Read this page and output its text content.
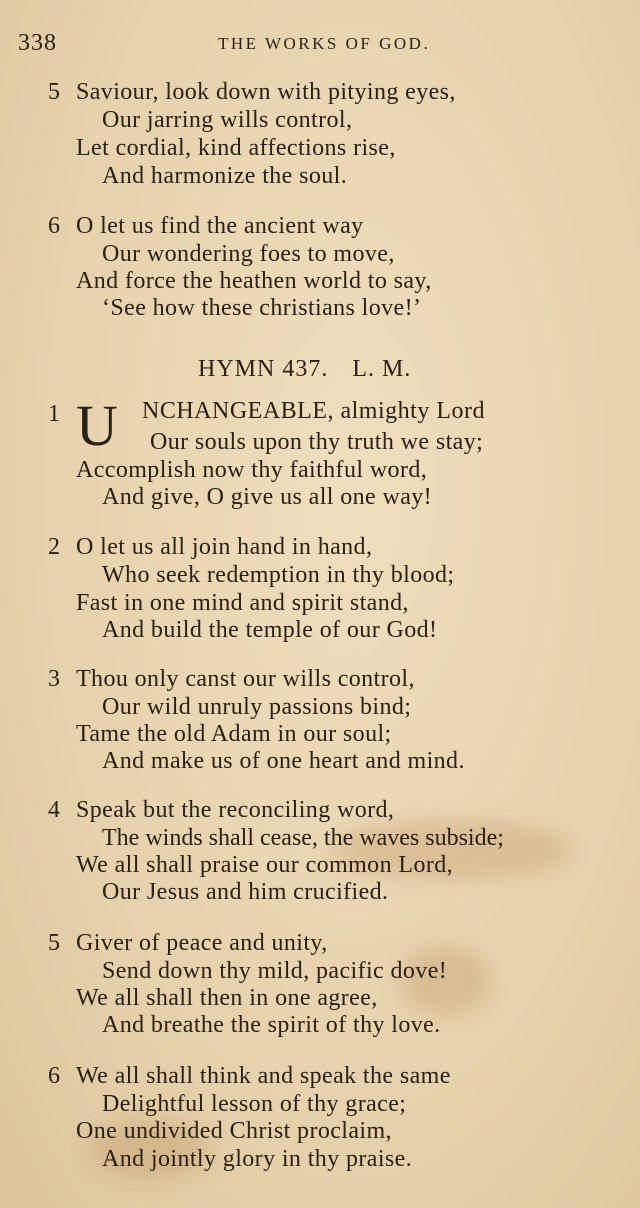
338	THE WORKS OF GOD.
5 Saviour, look down with pitying eyes,
Our jarring wills control,
Let cordial, kind affections rise,
And harmonize the soul.
6 O let us find the ancient way
Our wondering foes to move,
And force the heathen world to say,
‘See how these christians love!’
HYMN 437. L. M.
1 U NCHANGEABLE, almighty Lord
Our souls upon thy truth we stay;
Accomplish now thy faithful word,
And give, O give us all one way!
2 O let us all join hand in hand,
Who seek redemption in thy blood;
Fast in one mind and spirit stand,
And build the temple of our God!
3 Thou only canst our wills control,
Our wild unruly passions bind;
Tame the old Adam in our soul;
And make us of one heart and mind.
4 Speak but the reconciling word,
The winds shall cease, the waves subside;
We all shall praise our common Lord,
Our Jesus and him crucified.
5 Giver of peace and unity,
Send down thy mild, pacific dove!
We all shall then in one agree,
And breathe the spirit of thy love.
6 We all shall think and speak the same
Delightful lesson of thy grace;
One undivided Christ proclaim,
And jointly glory in thy praise.
